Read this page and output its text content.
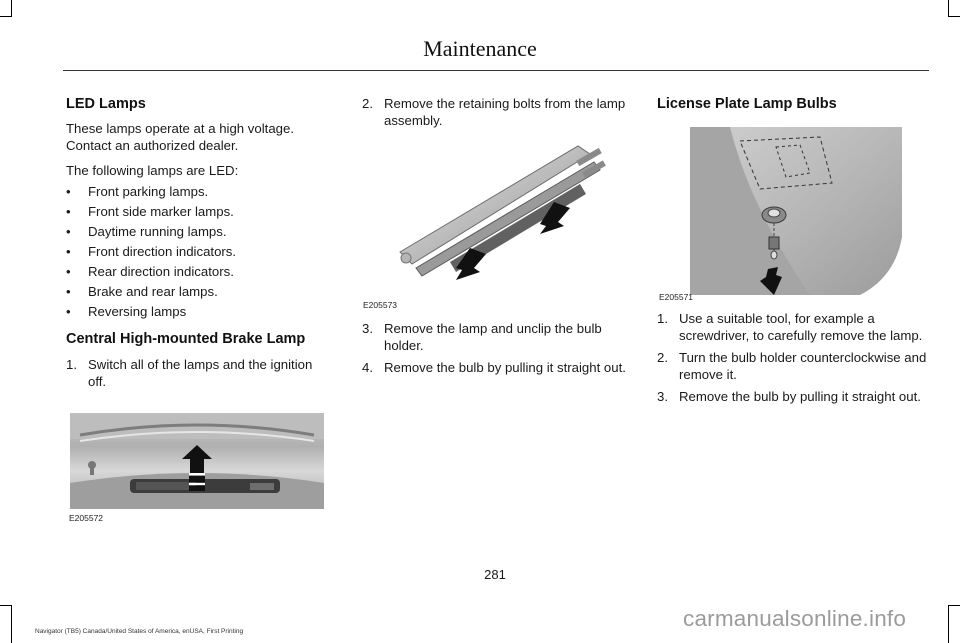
Maintenance
LED Lamps

These lamps operate at a high voltage. Contact an authorized dealer.

The following lamps are LED:

• Front parking lamps.
• Front side marker lamps.
• Daytime running lamps.
• Front direction indicators.
• Rear direction indicators.
• Brake and rear lamps.
• Reversing lamps
Central High-mounted Brake Lamp
1. Switch all of the lamps and the ignition off.
E205572
2. Remove the retaining bolts from the lamp assembly.
E205573
3. Remove the lamp and unclip the bulb holder.
4. Remove the bulb by pulling it straight out.
License Plate Lamp Bulbs
E205571
1. Use a suitable tool, for example a screwdriver, to carefully remove the lamp.
2. Turn the bulb holder counterclockwise and remove it.
3. Remove the bulb by pulling it straight out.
281
Navigator (TB5) Canada/United States of America, enUSA, First Printing
carmanualsonline.info
